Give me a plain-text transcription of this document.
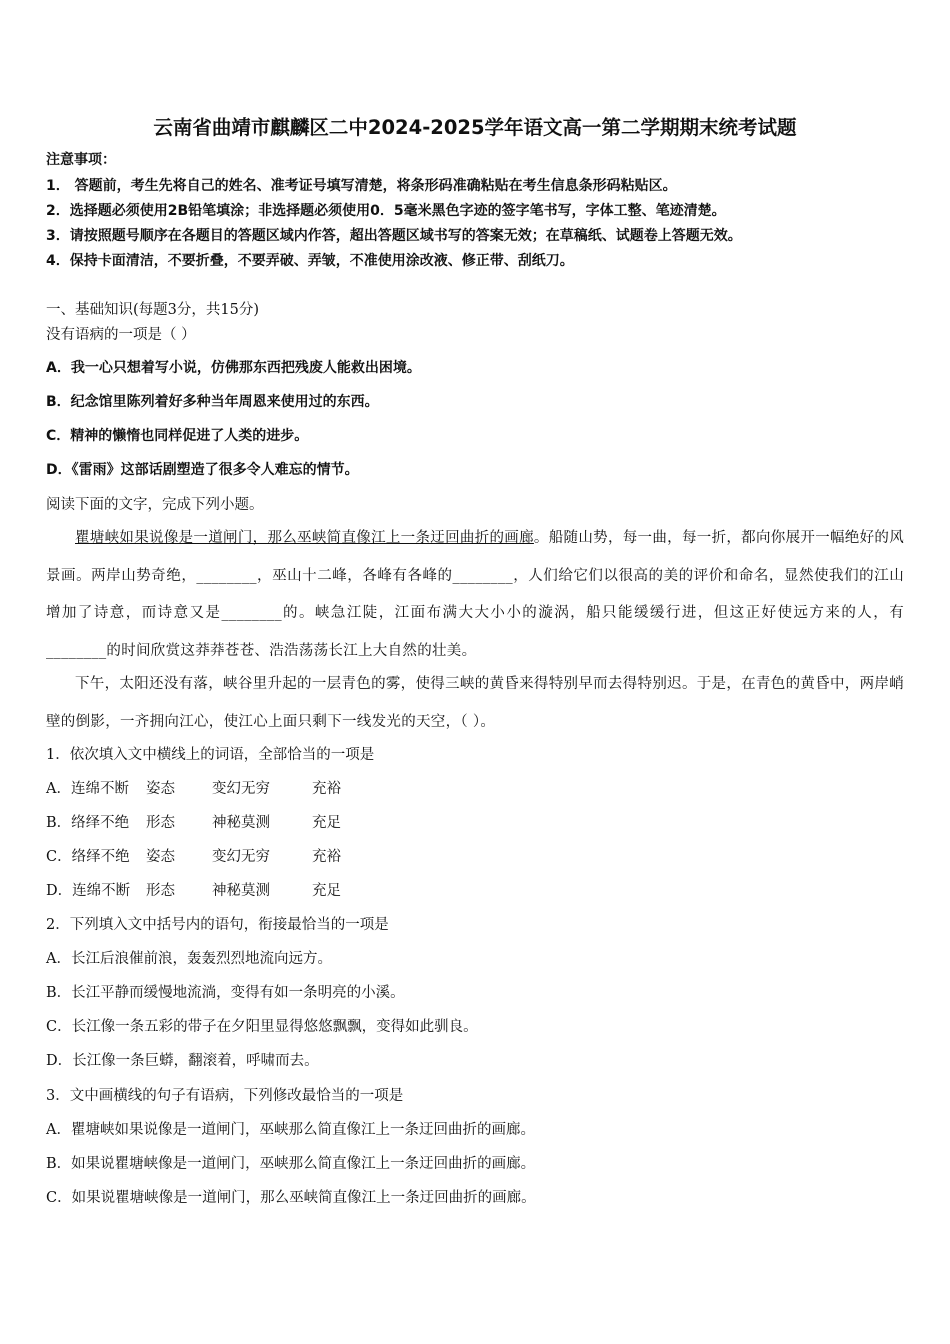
云南省曲靖市麒麟区二中2024-2025学年语文高一第二学期期末统考试题
注意事项：
1． 答题前，考生先将自己的姓名、准考证号填写清楚，将条形码准确粘贴在考生信息条形码粘贴区。
2．选择题必须使用2B铅笔填涂；非选择题必须使用0．5毫米黑色字迹的签字笔书写，字体工整、笔迹清楚。
3．请按照题号顺序在各题目的答题区域内作答，超出答题区域书写的答案无效；在草稿纸、试题卷上答题无效。
4．保持卡面清洁，不要折叠，不要弄破、弄皱，不准使用涂改液、修正带、刮纸刀。
一、基础知识(每题3分，共15分)
没有语病的一项是（ ）
A．我一心只想着写小说，仿佛那东西把残废人能救出困境。
B．纪念馆里陈列着好多种当年周恩来使用过的东西。
C．精神的懒惰也同样促进了人类的进步。
D．《雷雨》这部话剧塑造了很多令人难忘的情节。
阅读下面的文字，完成下列小题。
瞿塘峡如果说像是一道闸门，那么巫峡简直像江上一条迂回曲折的画廊。船随山势，每一曲，每一折，都向你展开一幅绝好的风景画。两岸山势奇绝，________，巫山十二峰，各峰有各峰的________，人们给它们以很高的美的评价和命名，显然使我们的江山增加了诗意，而诗意又是________的。峡急江陡，江面布满大大小小的漩涡，船只能缓缓行进，但这正好使远方来的人，有________的时间欣赏这莽莽苍苍、浩浩荡荡长江上大自然的壮美。
下午，太阳还没有落，峡谷里升起的一层青色的雾，使得三峡的黄昏来得特别早而去得特别迟。于是，在青色的黄昏中，两岸峭壁的倒影，一齐拥向江心，使江心上面只剩下一线发光的天空，（ ）。
1．依次填入文中横线上的词语，全部恰当的一项是
A．连绵不断 姿态	变幻无穷	充裕
B．络绎不绝 形态	神秘莫测	充足
C．络绎不绝 姿态	变幻无穷	充裕
D．连绵不断 形态	神秘莫测	充足
2．下列填入文中括号内的语句，衔接最恰当的一项是
A．长江后浪催前浪，轰轰烈烈地流向远方。
B．长江平静而缓慢地流淌，变得有如一条明亮的小溪。
C．长江像一条五彩的带子在夕阳里显得悠悠飘飘，变得如此驯良。
D．长江像一条巨蟒，翻滚着，呼啸而去。
3．文中画横线的句子有语病，下列修改最恰当的一项是
A．瞿塘峡如果说像是一道闸门，巫峡那么简直像江上一条迂回曲折的画廊。
B．如果说瞿塘峡像是一道闸门，巫峡那么简直像江上一条迂回曲折的画廊。
C．如果说瞿塘峡像是一道闸门，那么巫峡简直像江上一条迂回曲折的画廊。
